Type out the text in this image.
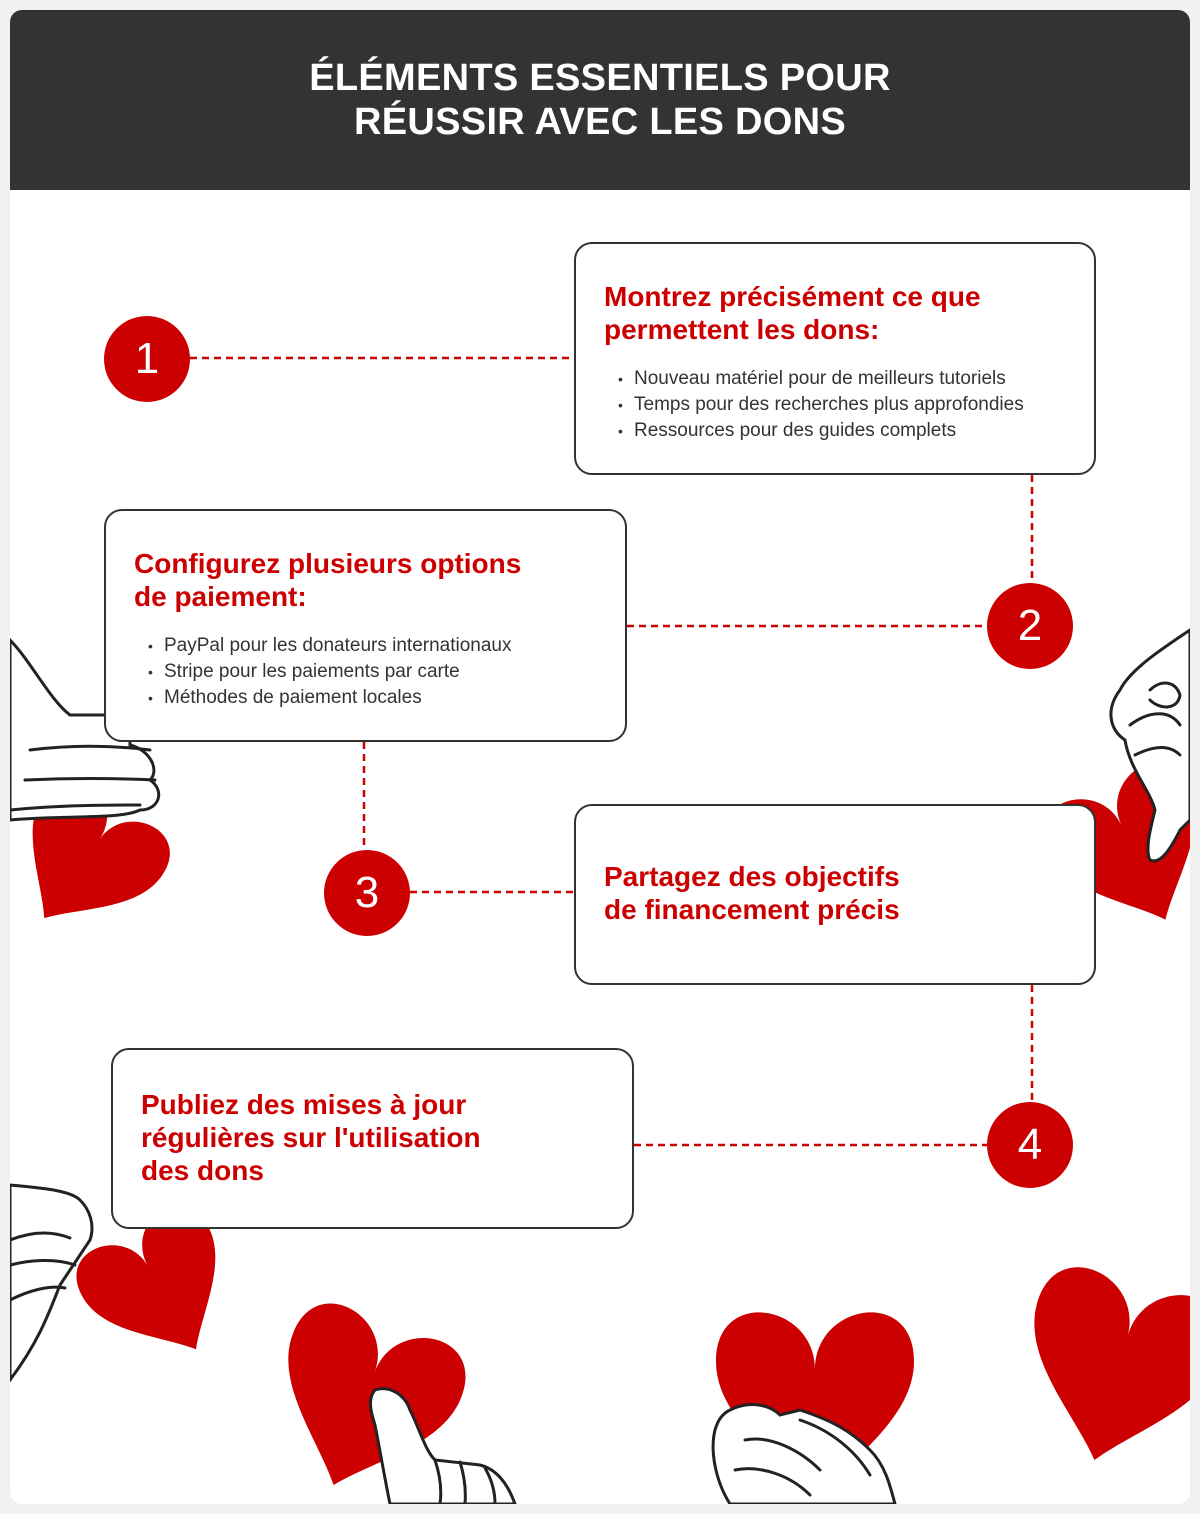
ÉLÉMENTS ESSENTIELS POUR
RÉUSSIR AVEC LES DONS
1
2
3
4
Montrez précisément ce que
permettent les dons:
• Nouveau matériel pour de meilleurs tutoriels
• Temps pour des recherches plus approfondies
• Ressources pour des guides complets
Configurez plusieurs options
de paiement:
• PayPal pour les donateurs internationaux
• Stripe pour les paiements par carte
• Méthodes de paiement locales
Partagez des objectifs
de financement précis
Publiez des mises à jour
régulières sur l'utilisation
des dons
